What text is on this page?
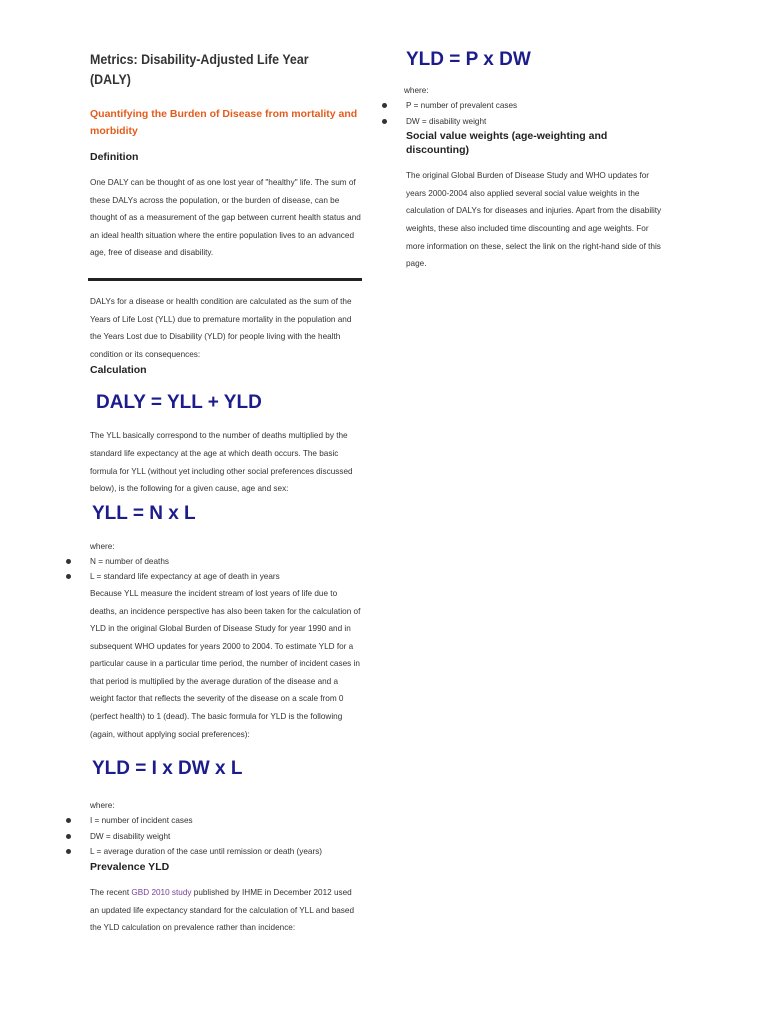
Metrics: Disability-Adjusted Life Year (DALY)
Quantifying the Burden of Disease from mortality and morbidity
Definition

One DALY can be thought of as one lost year of "healthy" life. The sum of these DALYs across the population, or the burden of disease, can be thought of as a measurement of the gap between current health status and an ideal health situation where the entire population lives to an advanced age, free of disease and disability.

DALYs for a disease or health condition are calculated as the sum of the Years of Life Lost (YLL) due to premature mortality in the population and the Years Lost due to Disability (YLD) for people living with the health condition or its consequences:

Calculation
DALY = YLL + YLD

The YLL basically correspond to the number of deaths multiplied by the standard life expectancy at the age at which death occurs. The basic formula for YLL (without yet including other social preferences discussed below), is the following for a given cause, age and sex:

YLL = N x L
where:
N = number of deaths
L = standard life expectancy at age of death in years

Because YLL measure the incident stream of lost years of life due to deaths, an incidence perspective has also been taken for the calculation of YLD in the original Global Burden of Disease Study for year 1990 and in subsequent WHO updates for years 2000 to 2004. To estimate YLD for a particular cause in a particular time period, the number of incident cases in that period is multiplied by the average duration of the disease and a weight factor that reflects the severity of the disease on a scale from 0 (perfect health) to 1 (dead). The basic formula for YLD is the following (again, without applying social preferences):

YLD = I x DW x L
where:
I = number of incident cases
DW = disability weight
L = average duration of the case until remission or death (years)
Prevalence YLD

The recent GBD 2010 study published by IHME in December 2012 used an updated life expectancy standard for the calculation of YLL and based the YLD calculation on prevalence rather than incidence:

YLD = P x DW
where:
P = number of prevalent cases
DW = disability weight
Social value weights (age-weighting and discounting)

The original Global Burden of Disease Study and WHO updates for years 2000-2004 also applied several social value weights in the calculation of DALYs for diseases and injuries. Apart from the disability weights, these also included time discounting and age weights. For more information on these, select the link on the right-hand side of this page.
